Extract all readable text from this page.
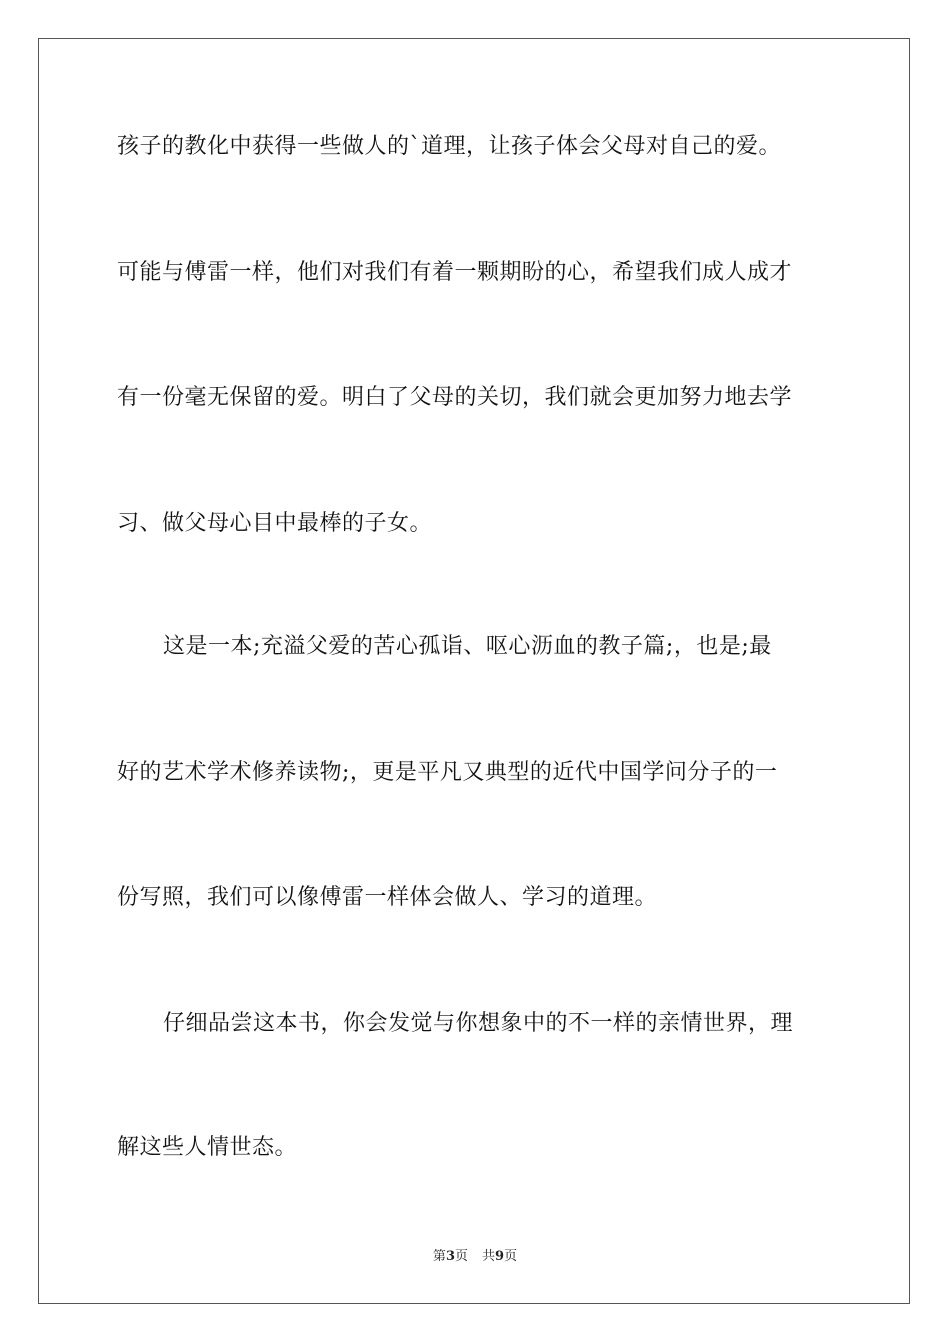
孩子的教化中获得一些做人的`道理，让孩子体会父母对自己的爱。
可能与傅雷一样，他们对我们有着一颗期盼的心，希望我们成人成才
有一份毫无保留的爱。明白了父母的关切，我们就会更加努力地去学
习、做父母心目中最棒的子女。
这是一本;充溢父爱的苦心孤诣、呕心沥血的教子篇;，也是;最
好的艺术学术修养读物;，更是平凡又典型的近代中国学问分子的一
份写照，我们可以像傅雷一样体会做人、学习的道理。
仔细品尝这本书，你会发觉与你想象中的不一样的亲情世界，理
解这些人情世态。
第3页 共9页
